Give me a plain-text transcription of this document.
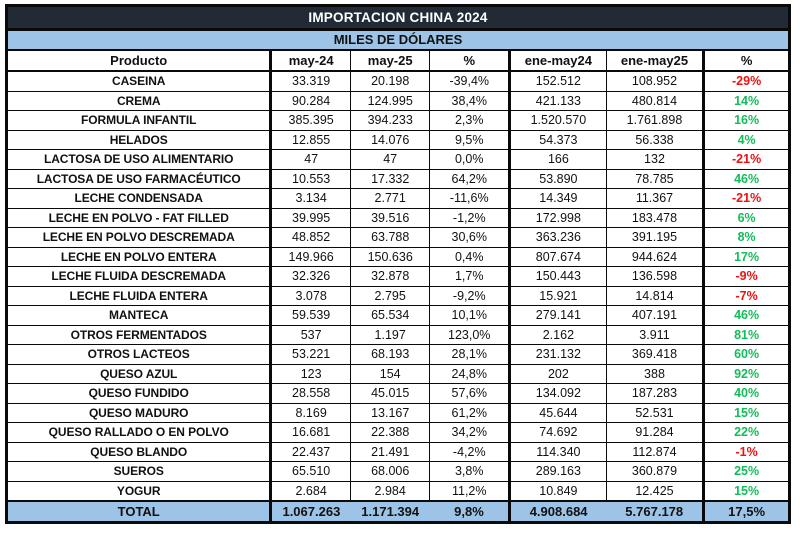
IMPORTACION CHINA 2024
MILES DE DÓLARES
Producto	may-24	may-25	%	ene-may24	ene-may25	%
CASEINA	33.319	20.198	-39,4%	152.512	108.952	-29%
CREMA	90.284	124.995	38,4%	421.133	480.814	14%
FORMULA INFANTIL	385.395	394.233	2,3%	1.520.570	1.761.898	16%
HELADOS	12.855	14.076	9,5%	54.373	56.338	4%
LACTOSA DE USO ALIMENTARIO	47	47	0,0%	166	132	-21%
LACTOSA DE USO FARMACÉUTICO	10.553	17.332	64,2%	53.890	78.785	46%
LECHE CONDENSADA	3.134	2.771	-11,6%	14.349	11.367	-21%
LECHE EN POLVO - FAT FILLED	39.995	39.516	-1,2%	172.998	183.478	6%
LECHE EN POLVO DESCREMADA	48.852	63.788	30,6%	363.236	391.195	8%
LECHE EN POLVO ENTERA	149.966	150.636	0,4%	807.674	944.624	17%
LECHE FLUIDA DESCREMADA	32.326	32.878	1,7%	150.443	136.598	-9%
LECHE FLUIDA ENTERA	3.078	2.795	-9,2%	15.921	14.814	-7%
MANTECA	59.539	65.534	10,1%	279.141	407.191	46%
OTROS FERMENTADOS	537	1.197	123,0%	2.162	3.911	81%
OTROS LACTEOS	53.221	68.193	28,1%	231.132	369.418	60%
QUESO AZUL	123	154	24,8%	202	388	92%
QUESO FUNDIDO	28.558	45.015	57,6%	134.092	187.283	40%
QUESO MADURO	8.169	13.167	61,2%	45.644	52.531	15%
QUESO RALLADO O EN POLVO	16.681	22.388	34,2%	74.692	91.284	22%
QUESO BLANDO	22.437	21.491	-4,2%	114.340	112.874	-1%
SUEROS	65.510	68.006	3,8%	289.163	360.879	25%
YOGUR	2.684	2.984	11,2%	10.849	12.425	15%
TOTAL	1.067.263	1.171.394	9,8%	4.908.684	5.767.178	17,5%
